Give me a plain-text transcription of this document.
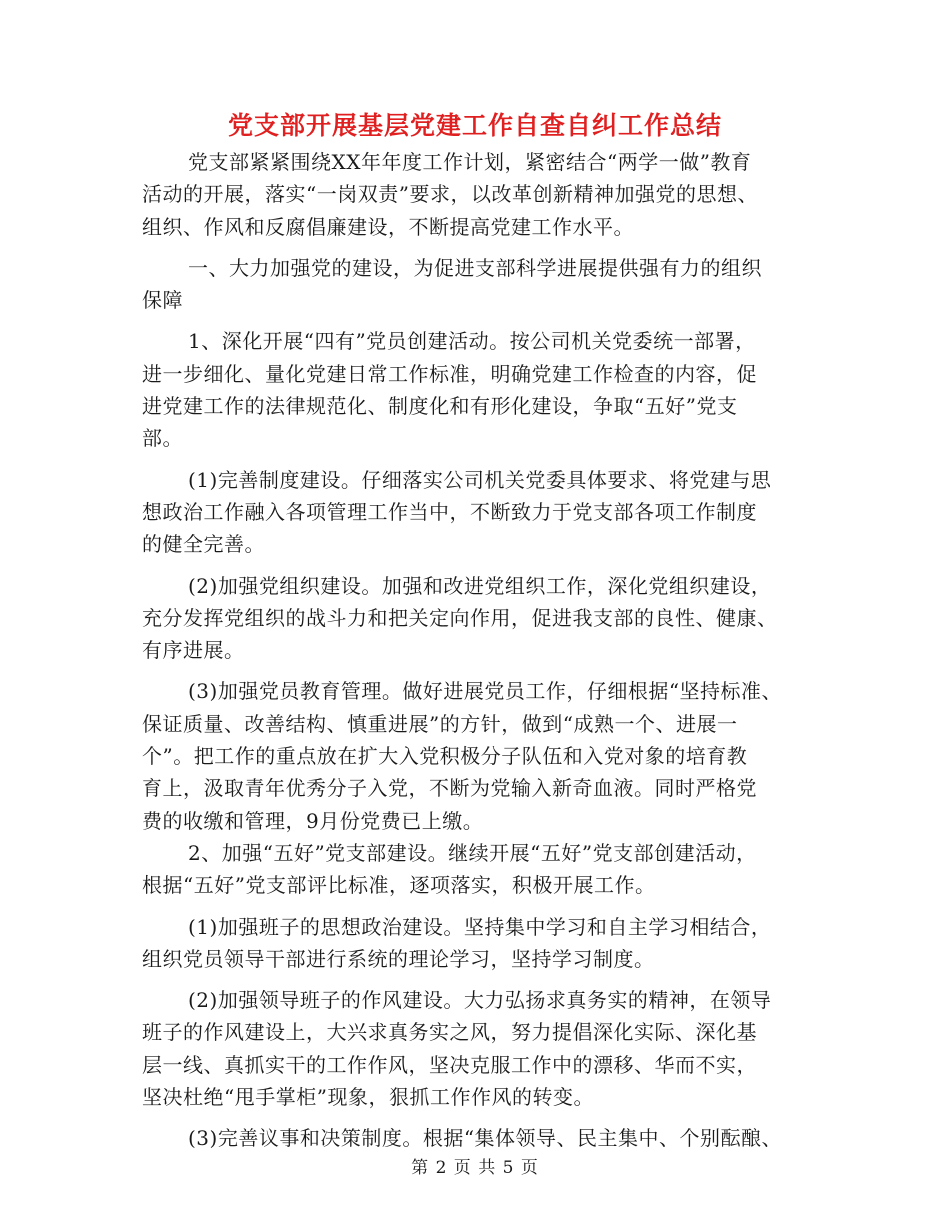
党支部开展基层党建工作自查自纠工作总结
党支部紧紧围绕XX年年度工作计划，紧密结合“两学一做”教育
活动的开展，落实“一岗双责”要求，以改革创新精神加强党的思想、
组织、作风和反腐倡廉建设，不断提高党建工作水平。
一、大力加强党的建设，为促进支部科学进展提供强有力的组织
保障
1、深化开展“四有”党员创建活动。按公司机关党委统一部署，
进一步细化、量化党建日常工作标准，明确党建工作检查的内容，促
进党建工作的法律规范化、制度化和有形化建设，争取“五好”党支
部。
(1)完善制度建设。仔细落实公司机关党委具体要求、将党建与思
想政治工作融入各项管理工作当中，不断致力于党支部各项工作制度
的健全完善。
(2)加强党组织建设。加强和改进党组织工作，深化党组织建设，
充分发挥党组织的战斗力和把关定向作用，促进我支部的良性、健康、
有序进展。
(3)加强党员教育管理。做好进展党员工作，仔细根据“坚持标准、
保证质量、改善结构、慎重进展”的方针，做到“成熟一个、进展一
个”。把工作的重点放在扩大入党积极分子队伍和入党对象的培育教
育上，汲取青年优秀分子入党，不断为党输入新奇血液。同时严格党
费的收缴和管理，9月份党费已上缴。
2、加强“五好”党支部建设。继续开展“五好”党支部创建活动，
根据“五好”党支部评比标准，逐项落实，积极开展工作。
(1)加强班子的思想政治建设。坚持集中学习和自主学习相结合，
组织党员领导干部进行系统的理论学习，坚持学习制度。
(2)加强领导班子的作风建设。大力弘扬求真务实的精神，在领导
班子的作风建设上，大兴求真务实之风，努力提倡深化实际、深化基
层一线、真抓实干的工作作风，坚决克服工作中的漂移、华而不实，
坚决杜绝“甩手掌柜”现象，狠抓工作作风的转变。
(3)完善议事和决策制度。根据“集体领导、民主集中、个别酝酿、
第 2 页 共 5 页
